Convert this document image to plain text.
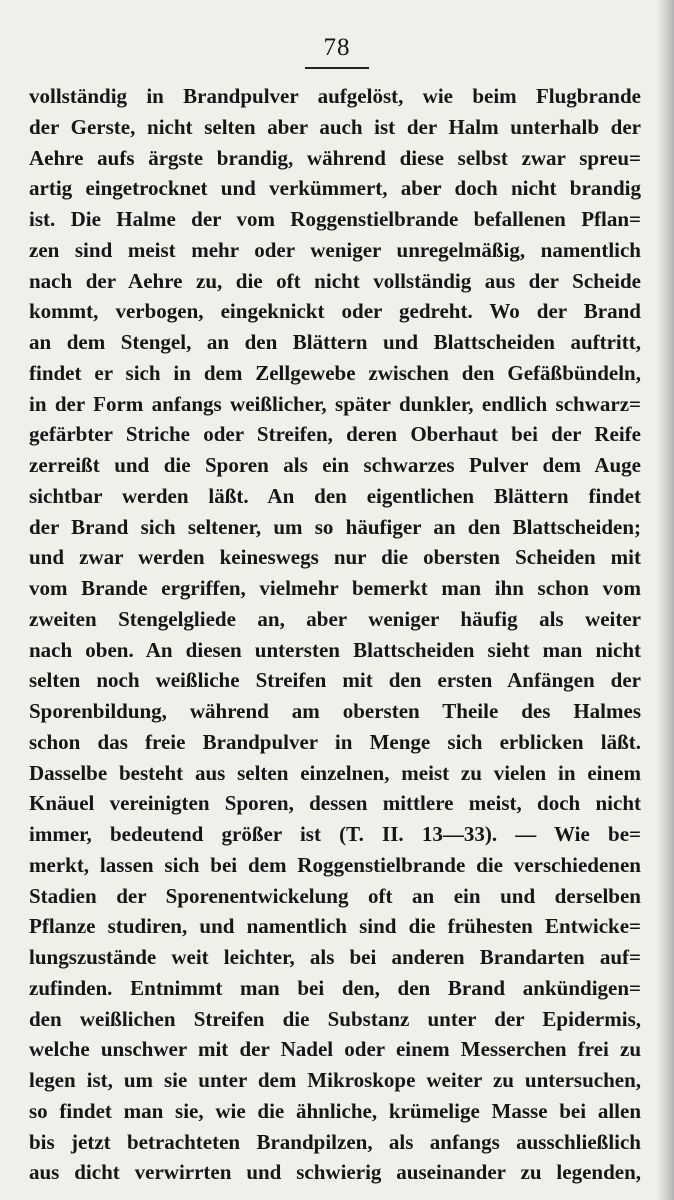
78
vollständig in Brandpulver aufgelöst, wie beim Flugbrande
der Gerste, nicht selten aber auch ist der Halm unterhalb der
Aehre aufs ärgste brandig, während diese selbst zwar spreu=
artig eingetrocknet und verkümmert, aber doch nicht brandig
ist. Die Halme der vom Roggenstielbrande befallenen Pflan=
zen sind meist mehr oder weniger unregelmäßig, namentlich
nach der Aehre zu, die oft nicht vollständig aus der Scheide
kommt, verbogen, eingeknickt oder gedreht. Wo der Brand
an dem Stengel, an den Blättern und Blattscheiden auftritt,
findet er sich in dem Zellgewebe zwischen den Gefäßbündeln,
in der Form anfangs weißlicher, später dunkler, endlich schwarz=
gefärbter Striche oder Streifen, deren Oberhaut bei der Reife
zerreißt und die Sporen als ein schwarzes Pulver dem Auge
sichtbar werden läßt. An den eigentlichen Blättern findet
der Brand sich seltener, um so häufiger an den Blattscheiden;
und zwar werden keineswegs nur die obersten Scheiden mit
vom Brande ergriffen, vielmehr bemerkt man ihn schon vom
zweiten Stengelgliede an, aber weniger häufig als weiter
nach oben. An diesen untersten Blattscheiden sieht man nicht
selten noch weißliche Streifen mit den ersten Anfängen der
Sporenbildung, während am obersten Theile des Halmes
schon das freie Brandpulver in Menge sich erblicken läßt.
Dasselbe besteht aus selten einzelnen, meist zu vielen in einem
Knäuel vereinigten Sporen, dessen mittlere meist, doch nicht
immer, bedeutend größer ist (T. II. 13—33). — Wie be=
merkt, lassen sich bei dem Roggenstielbrande die verschiedenen
Stadien der Sporenentwickelung oft an ein und derselben
Pflanze studiren, und namentlich sind die frühesten Entwicke=
lungszustände weit leichter, als bei anderen Brandarten auf=
zufinden. Entnimmt man bei den, den Brand ankündigen=
den weißlichen Streifen die Substanz unter der Epidermis,
welche unschwer mit der Nadel oder einem Messerchen frei zu
legen ist, um sie unter dem Mikroskope weiter zu untersuchen,
so findet man sie, wie die ähnliche, krümelige Masse bei allen
bis jetzt betrachteten Brandpilzen, als anfangs ausschließlich
aus dicht verwirrten und schwierig auseinander zu legenden,
